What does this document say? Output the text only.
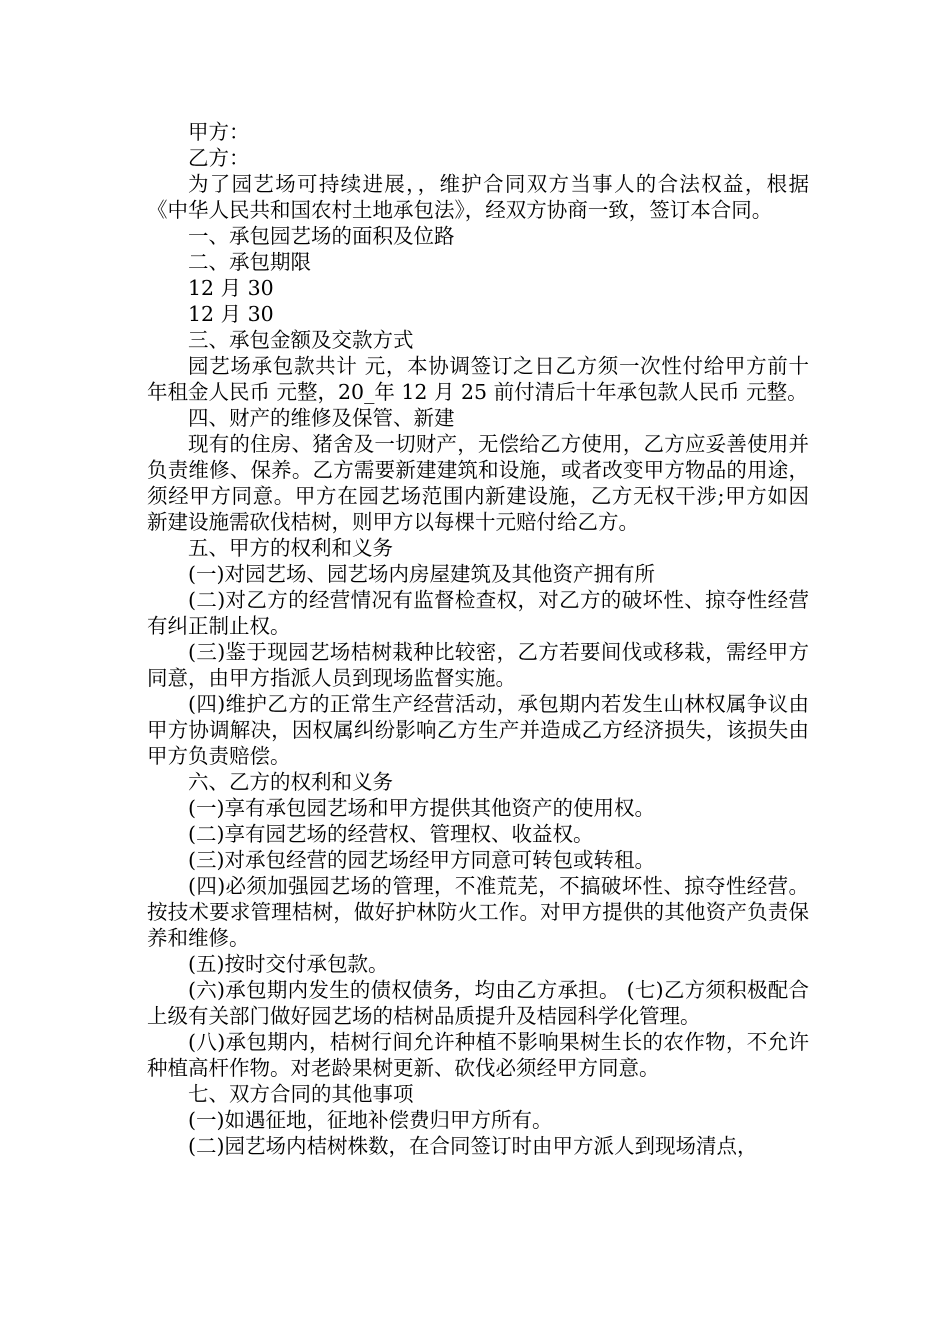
甲方：

乙方：

为了园艺场可持续进展，，维护合同双方当事人的合法权益，根据《中华人民共和国农村土地承包法》，经双方协商一致，签订本合同。

一、承包园艺场的面积及位路

二、承包期限

12 月 30

12 月 30

三、承包金额及交款方式

园艺场承包款共计 元，本协调签订之日乙方须一次性付给甲方前十年租金人民币 元整，20_年 12 月 25 前付清后十年承包款人民币 元整。

四、财产的维修及保管、新建

现有的住房、猪舍及一切财产，无偿给乙方使用，乙方应妥善使用并负责维修、保养。乙方需要新建建筑和设施，或者改变甲方物品的用途，须经甲方同意。甲方在园艺场范围内新建设施，乙方无权干涉;甲方如因新建设施需砍伐桔树，则甲方以每棵十元赔付给乙方。

五、甲方的权利和义务

(一)对园艺场、园艺场内房屋建筑及其他资产拥有所

(二)对乙方的经营情况有监督检查权，对乙方的破坏性、掠夺性经营有纠正制止权。

(三)鉴于现园艺场桔树栽种比较密，乙方若要间伐或移栽，需经甲方同意，由甲方指派人员到现场监督实施。

(四)维护乙方的正常生产经营活动，承包期内若发生山林权属争议由甲方协调解决，因权属纠纷影响乙方生产并造成乙方经济损失，该损失由甲方负责赔偿。

六、乙方的权利和义务

(一)享有承包园艺场和甲方提供其他资产的使用权。

(二)享有园艺场的经营权、管理权、收益权。

(三)对承包经营的园艺场经甲方同意可转包或转租。

(四)必须加强园艺场的管理，不准荒芜，不搞破坏性、掠夺性经营。按技术要求管理桔树，做好护林防火工作。对甲方提供的其他资产负责保养和维修。

(五)按时交付承包款。

(六)承包期内发生的债权债务，均由乙方承担。 (七)乙方须积极配合上级有关部门做好园艺场的桔树品质提升及桔园科学化管理。

(八)承包期内，桔树行间允许种植不影响果树生长的农作物，不允许种植高杆作物。对老龄果树更新、砍伐必须经甲方同意。

七、双方合同的其他事项

(一)如遇征地，征地补偿费归甲方所有。

(二)园艺场内桔树株数，在合同签订时由甲方派人到现场清点，
